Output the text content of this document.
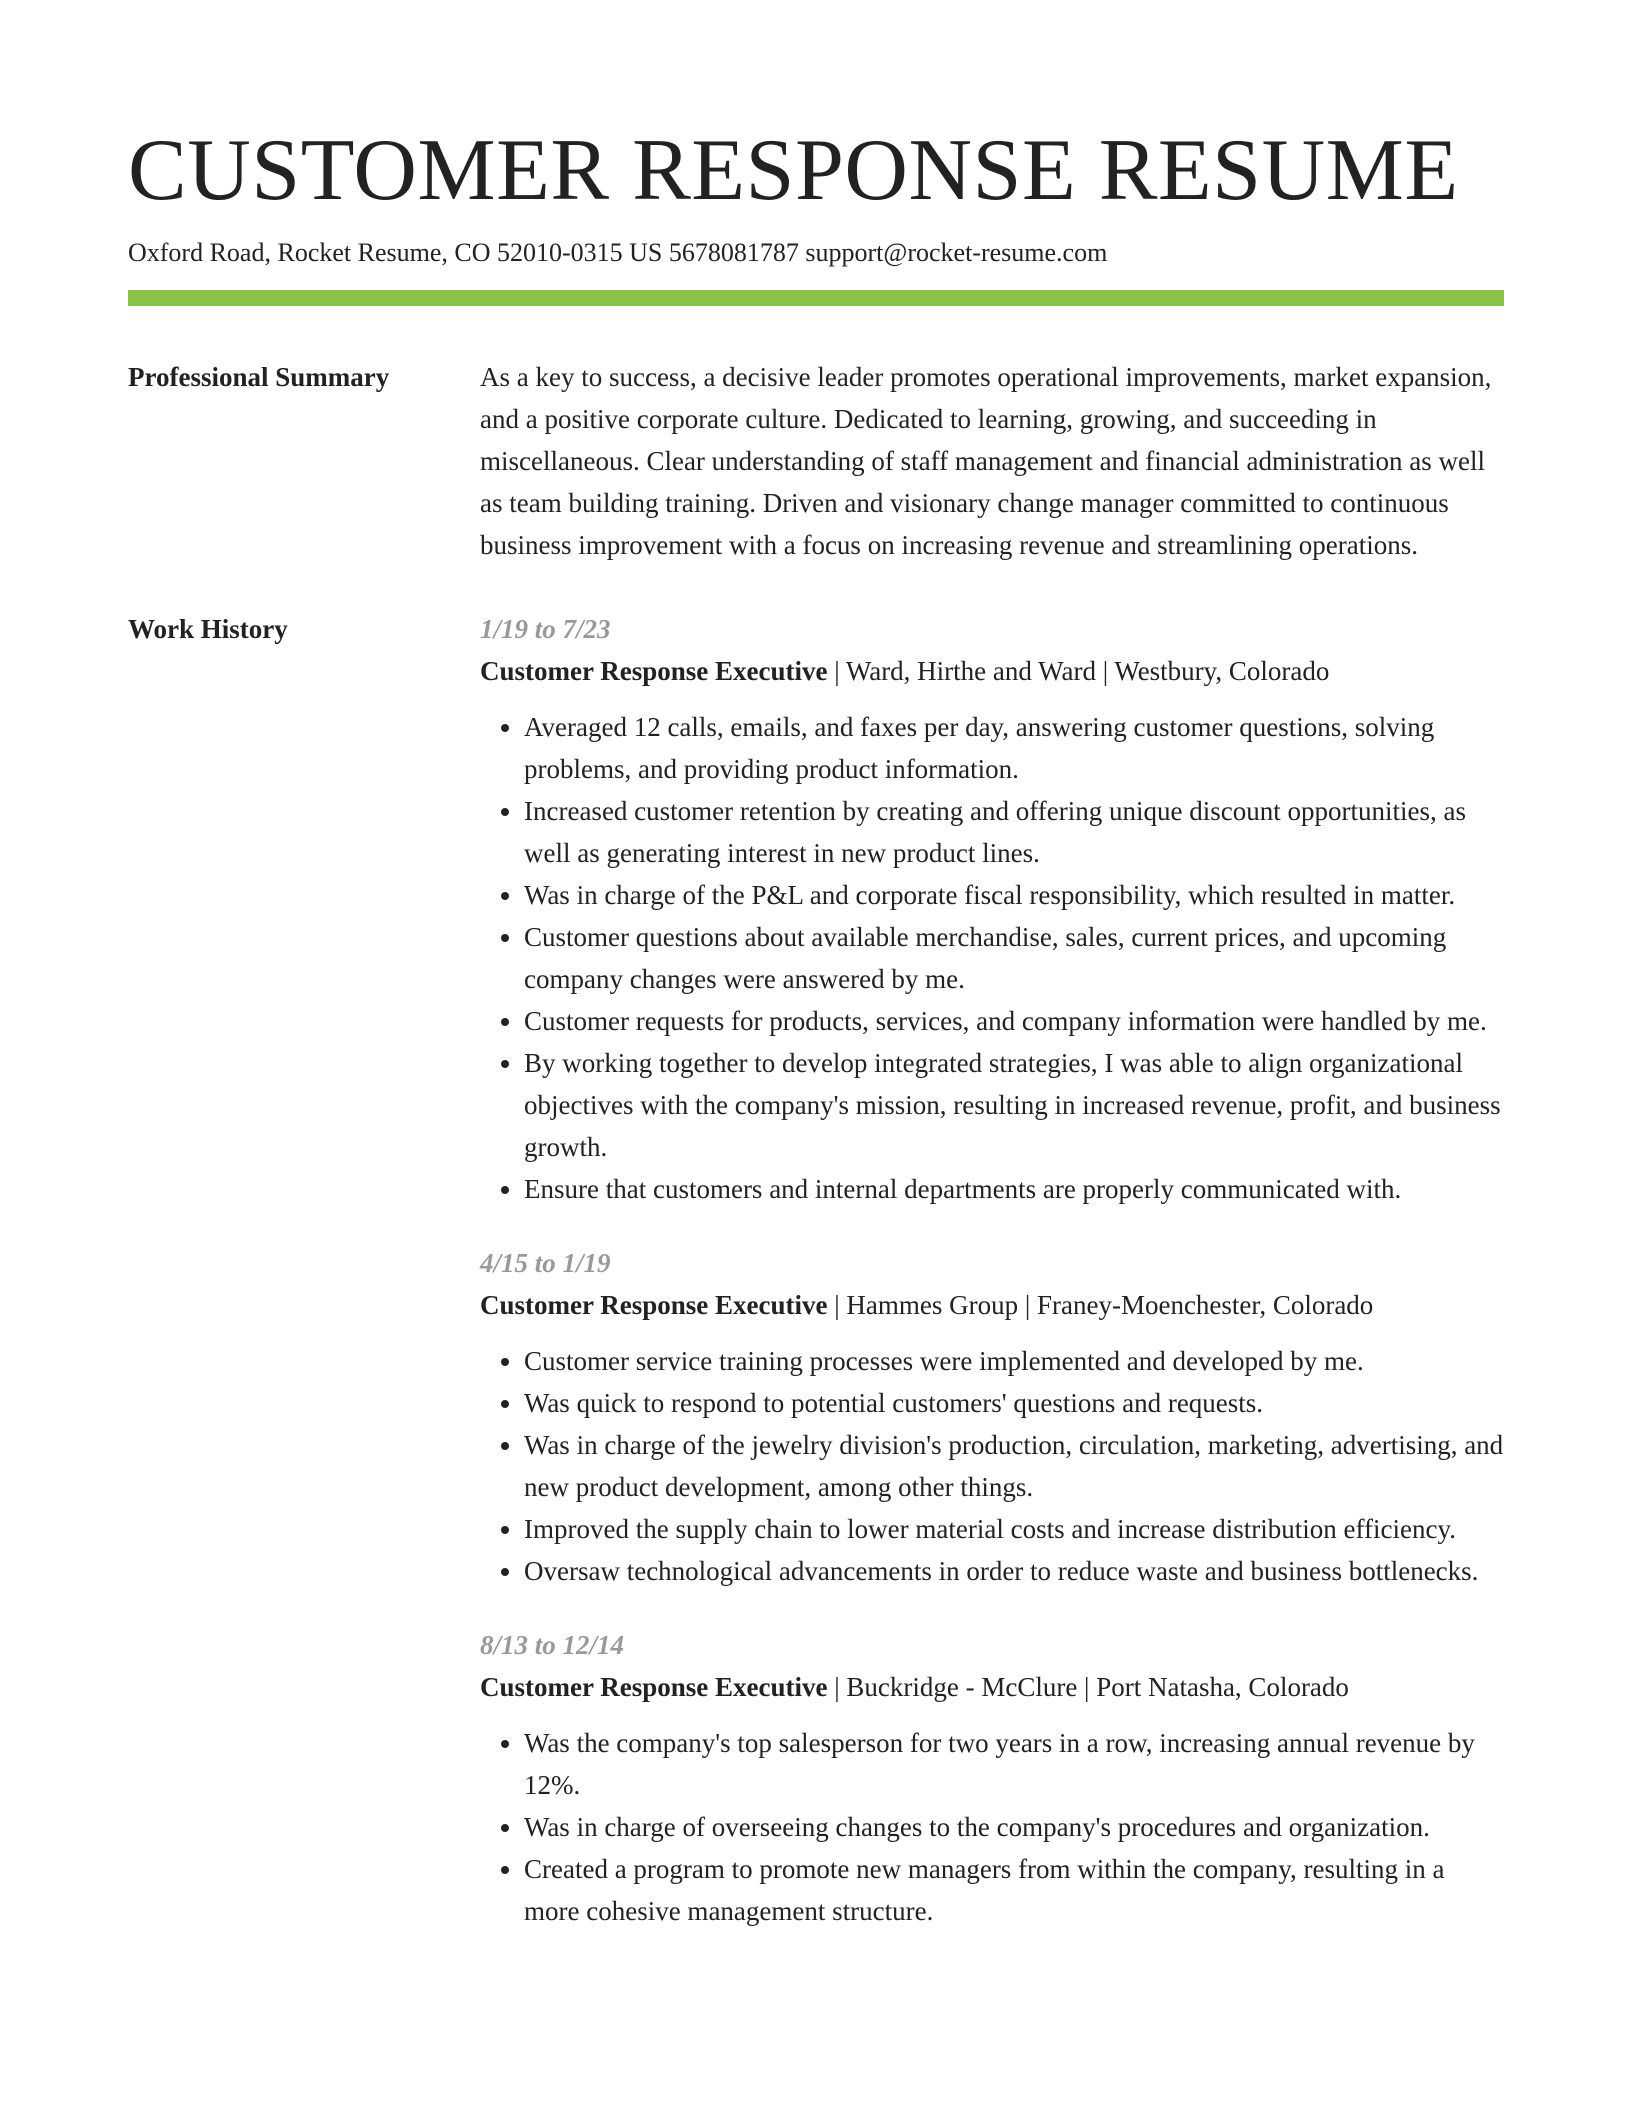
CUSTOMER RESPONSE RESUME
Oxford Road, Rocket Resume, CO 52010-0315 US 5678081787 support@rocket-resume.com
Professional Summary	As a key to success, a decisive leader promotes operational improvements, market expansion, and a positive corporate culture. Dedicated to learning, growing, and succeeding in miscellaneous. Clear understanding of staff management and financial administration as well as team building training. Driven and visionary change manager committed to continuous business improvement with a focus on increasing revenue and streamlining operations.

Work History	1/19 to 7/23
Customer Response Executive | Ward, Hirthe and Ward | Westbury, Colorado
• Averaged 12 calls, emails, and faxes per day, answering customer questions, solving problems, and providing product information.
• Increased customer retention by creating and offering unique discount opportunities, as well as generating interest in new product lines.
• Was in charge of the P&L and corporate fiscal responsibility, which resulted in matter.
• Customer questions about available merchandise, sales, current prices, and upcoming company changes were answered by me.
• Customer requests for products, services, and company information were handled by me.
• By working together to develop integrated strategies, I was able to align organizational objectives with the company's mission, resulting in increased revenue, profit, and business growth.
• Ensure that customers and internal departments are properly communicated with.
4/15 to 1/19
Customer Response Executive | Hammes Group | Franey-Moenchester, Colorado
• Customer service training processes were implemented and developed by me.
• Was quick to respond to potential customers' questions and requests.
• Was in charge of the jewelry division's production, circulation, marketing, advertising, and new product development, among other things.
• Improved the supply chain to lower material costs and increase distribution efficiency.
• Oversaw technological advancements in order to reduce waste and business bottlenecks.
8/13 to 12/14
Customer Response Executive | Buckridge - McClure | Port Natasha, Colorado
• Was the company's top salesperson for two years in a row, increasing annual revenue by 12%.
• Was in charge of overseeing changes to the company's procedures and organization.
• Created a program to promote new managers from within the company, resulting in a more cohesive management structure.
